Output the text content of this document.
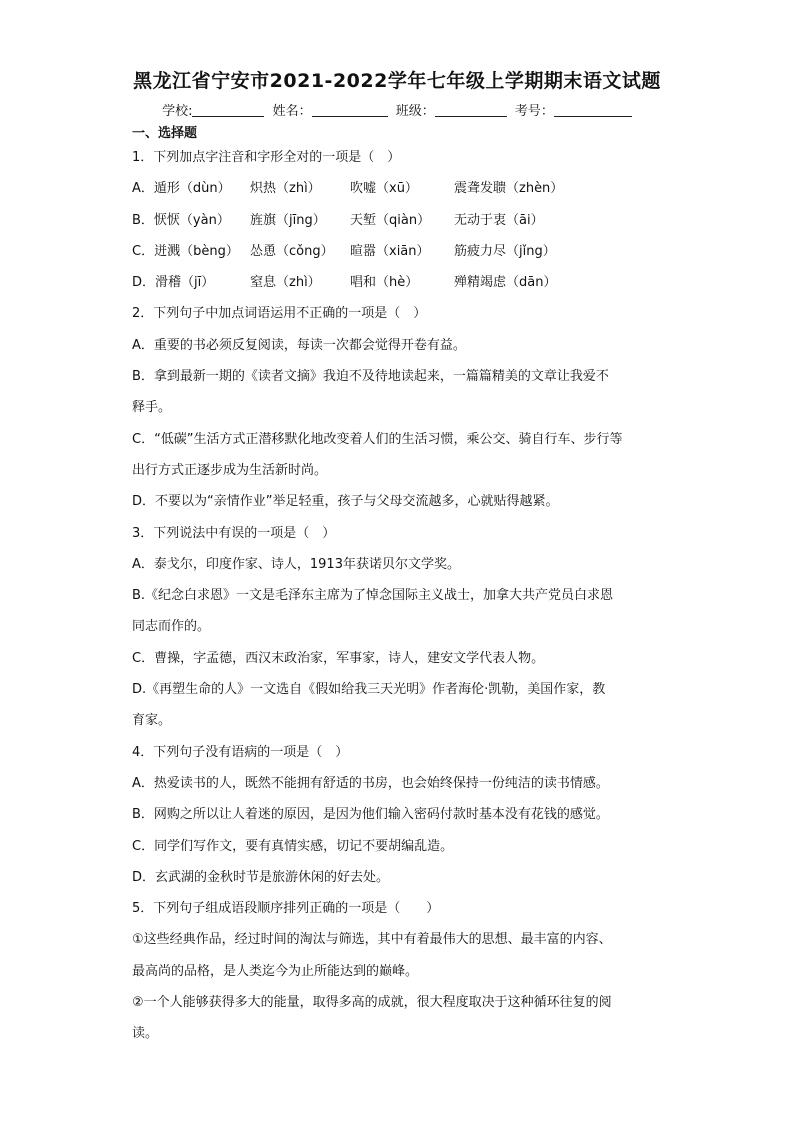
黑龙江省宁安市2021-2022学年七年级上学期期末语文试题
学校:	姓名：	班级：	考号：
一、选择题
1．下列加点字注音和字形全对的一项是（　）
A．遁形（dùn） 炽热（zhì） 吹嘘（xū）	震聋发聩（zhèn）
B．恹恹（yàn） 旌旗（jīng） 天堑（qiàn） 无动于衷（āi）
C．迸溅（bèng） 怂恿（cǒng） 暄嚣（xiān） 筋疲力尽（jǐng）
D．滑稽（jī）	窒息（zhì） 唱和（hè）	殚精竭虑（dān）
2．下列句子中加点词语运用不正确的一项是（　）
A．重要的书必须反复阅读，每读一次都会觉得开卷有益。
B．拿到最新一期的《读者文摘》我迫不及待地读起来，一篇篇精美的文章让我爱不
释手。
C．“低碳”生活方式正潜移默化地改变着人们的生活习惯，乘公交、骑自行车、步行等
出行方式正逐步成为生活新时尚。
D．不要以为“亲情作业”举足轻重，孩子与父母交流越多，心就贴得越紧。
3．下列说法中有误的一项是（　）
A．泰戈尔，印度作家、诗人，1913年获诺贝尔文学奖。
B.《纪念白求恩》一文是毛泽东主席为了悼念国际主义战士，加拿大共产党员白求恩
同志而作的。
C．曹操，字孟德，西汉末政治家，军事家，诗人，建安文学代表人物。
D.《再塑生命的人》一文选自《假如给我三天光明》作者海伦·凯勒，美国作家，教
育家。
4．下列句子没有语病的一项是（　）
A．热爱读书的人，既然不能拥有舒适的书房，也会始终保持一份纯洁的读书情感。
B．网购之所以让人着迷的原因，是因为他们输入密码付款时基本没有花钱的感觉。
C．同学们写作文，要有真情实感，切记不要胡编乱造。
D．玄武湖的金秋时节是旅游休闲的好去处。
5．下列句子组成语段顺序排列正确的一项是（　　）
①这些经典作品，经过时间的淘汰与筛选，其中有着最伟大的思想、最丰富的内容、
最高尚的品格，是人类迄今为止所能达到的巅峰。
②一个人能够获得多大的能量，取得多高的成就，很大程度取决于这种循环往复的阅
读。
